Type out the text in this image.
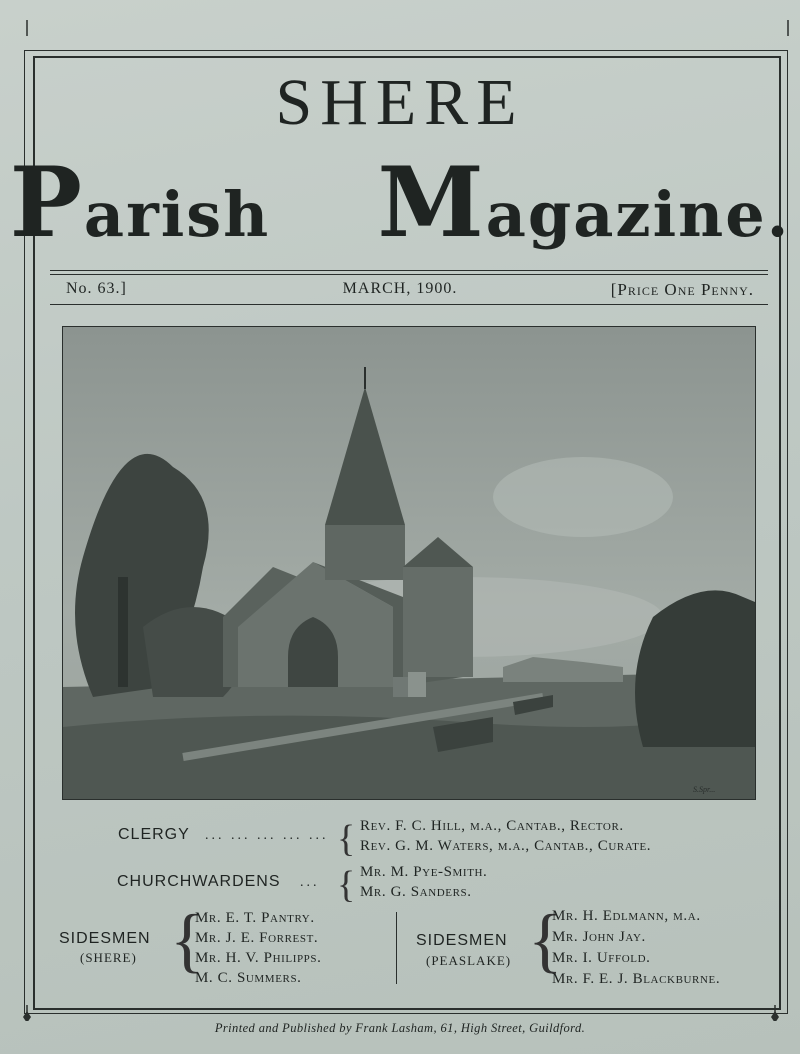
SHERE
Parish Magazine.
No. 63.]	MARCH, 1900.	[Price One Penny.
S.Spr...
CLERGY ... ... ... ... ... { Rev. F. C. Hill, m.a., Cantab., Rector.
Rev. G. M. Waters, m.a., Cantab., Curate.
CHURCHWARDENS ... { Mr. M. Pye-Smith.
Mr. G. Sanders.
SIDESMEN
(SHERE) {
Mr. E. T. Pantry.
Mr. J. E. Forrest.
Mr. H. V. Philipps.
M. C. Summers.
SIDESMEN
(PEASLAKE) {
Mr. H. Edlmann, m.a.
Mr. John Jay.
Mr. I. Uffold.
Mr. F. E. J. Blackburne.
Printed and Published by Frank Lasham, 61, High Street, Guildford.
